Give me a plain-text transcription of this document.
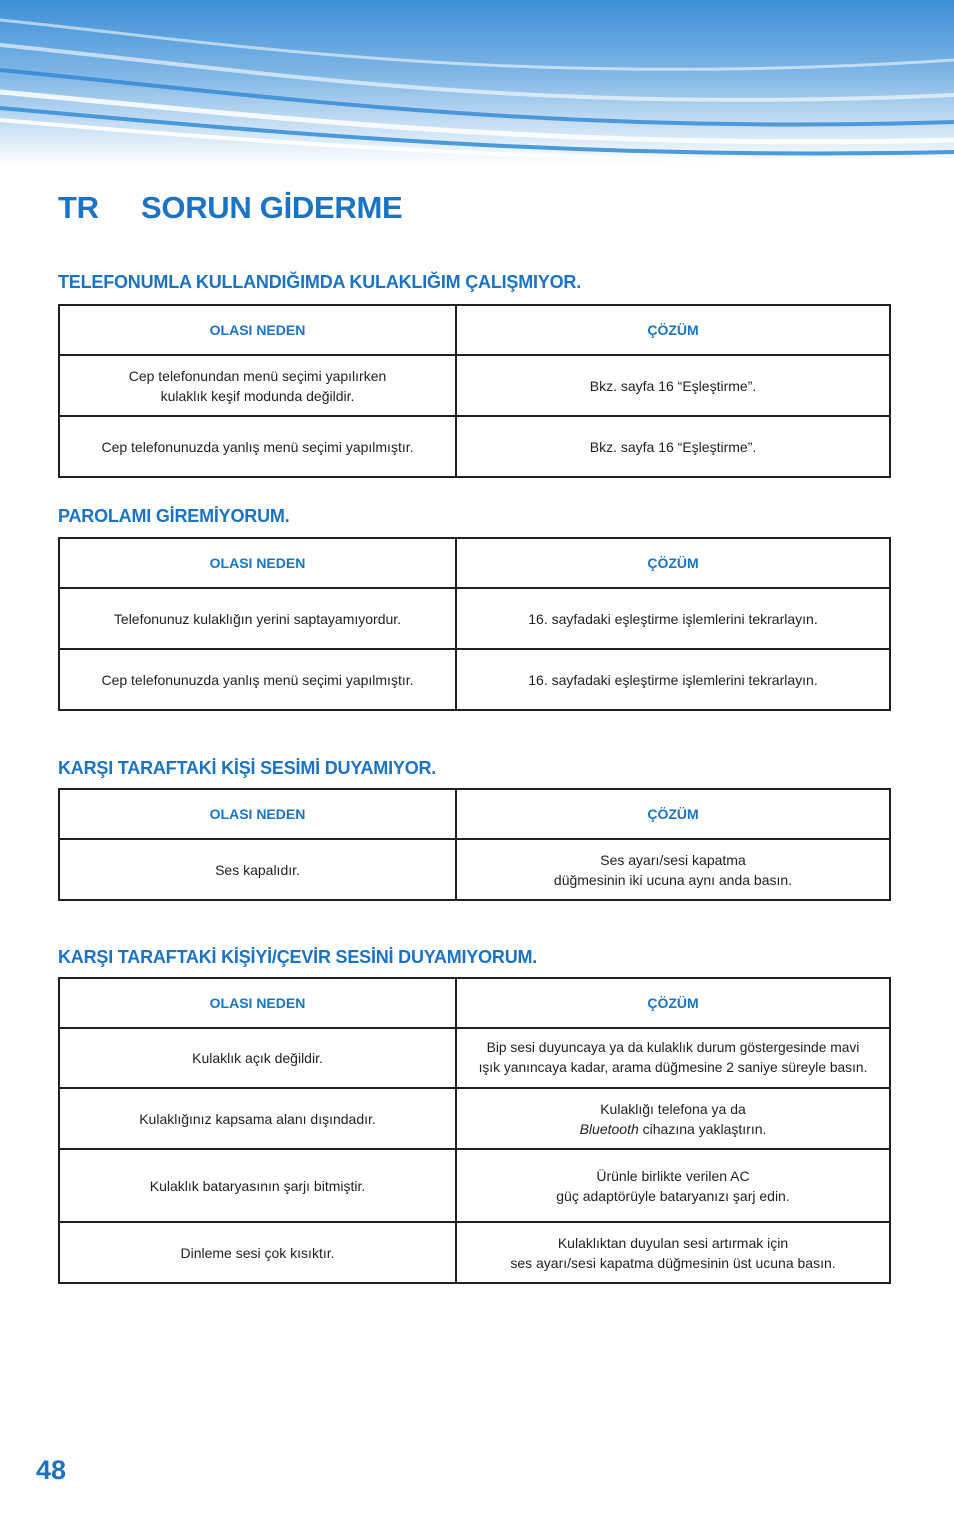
TR SORUN GİDERME
TELEFONUMLA KULLANDIĞIMDA KULAKLIĞIM ÇALIŞMIYOR.
OLASI NEDEN	ÇÖZÜM

Cep telefonundan menü seçimi yapılırken
kulaklık keşif modunda değildir.	Bkz. sayfa 16 “Eşleştirme”.

Cep telefonunuzda yanlış menü seçimi yapılmıştır.	Bkz. sayfa 16 “Eşleştirme”.
PAROLAMI GİREMİYORUM.
OLASI NEDEN	ÇÖZÜM

Telefonunuz kulaklığın yerini saptayamıyordur.	16. sayfadaki eşleştirme işlemlerini tekrarlayın.

Cep telefonunuzda yanlış menü seçimi yapılmıştır.	16. sayfadaki eşleştirme işlemlerini tekrarlayın.
KARŞI TARAFTAKİ KİŞİ SESİMİ DUYAMIYOR.
OLASI NEDEN	ÇÖZÜM

Ses kapalıdır.	Ses ayarı/sesi kapatma
düğmesinin iki ucuna aynı anda basın.
KARŞI TARAFTAKİ KİŞİYİ/ÇEVİR SESİNİ DUYAMIYORUM.
OLASI NEDEN	ÇÖZÜM

Kulaklık açık değildir.	Bip sesi duyuncaya ya da kulaklık durum göstergesinde mavi
ışık yanıncaya kadar, arama düğmesine 2 saniye süreyle basın.

Kulaklığınız kapsama alanı dışındadır.	Kulaklığı telefona ya da
Bluetooth cihazına yaklaştırın.

Kulaklık bataryasının şarjı bitmiştir.	Ürünle birlikte verilen AC
güç adaptörüyle bataryanızı şarj edin.

Dinleme sesi çok kısıktır.	Kulaklıktan duyulan sesi artırmak için
ses ayarı/sesi kapatma düğmesinin üst ucuna basın.

48
